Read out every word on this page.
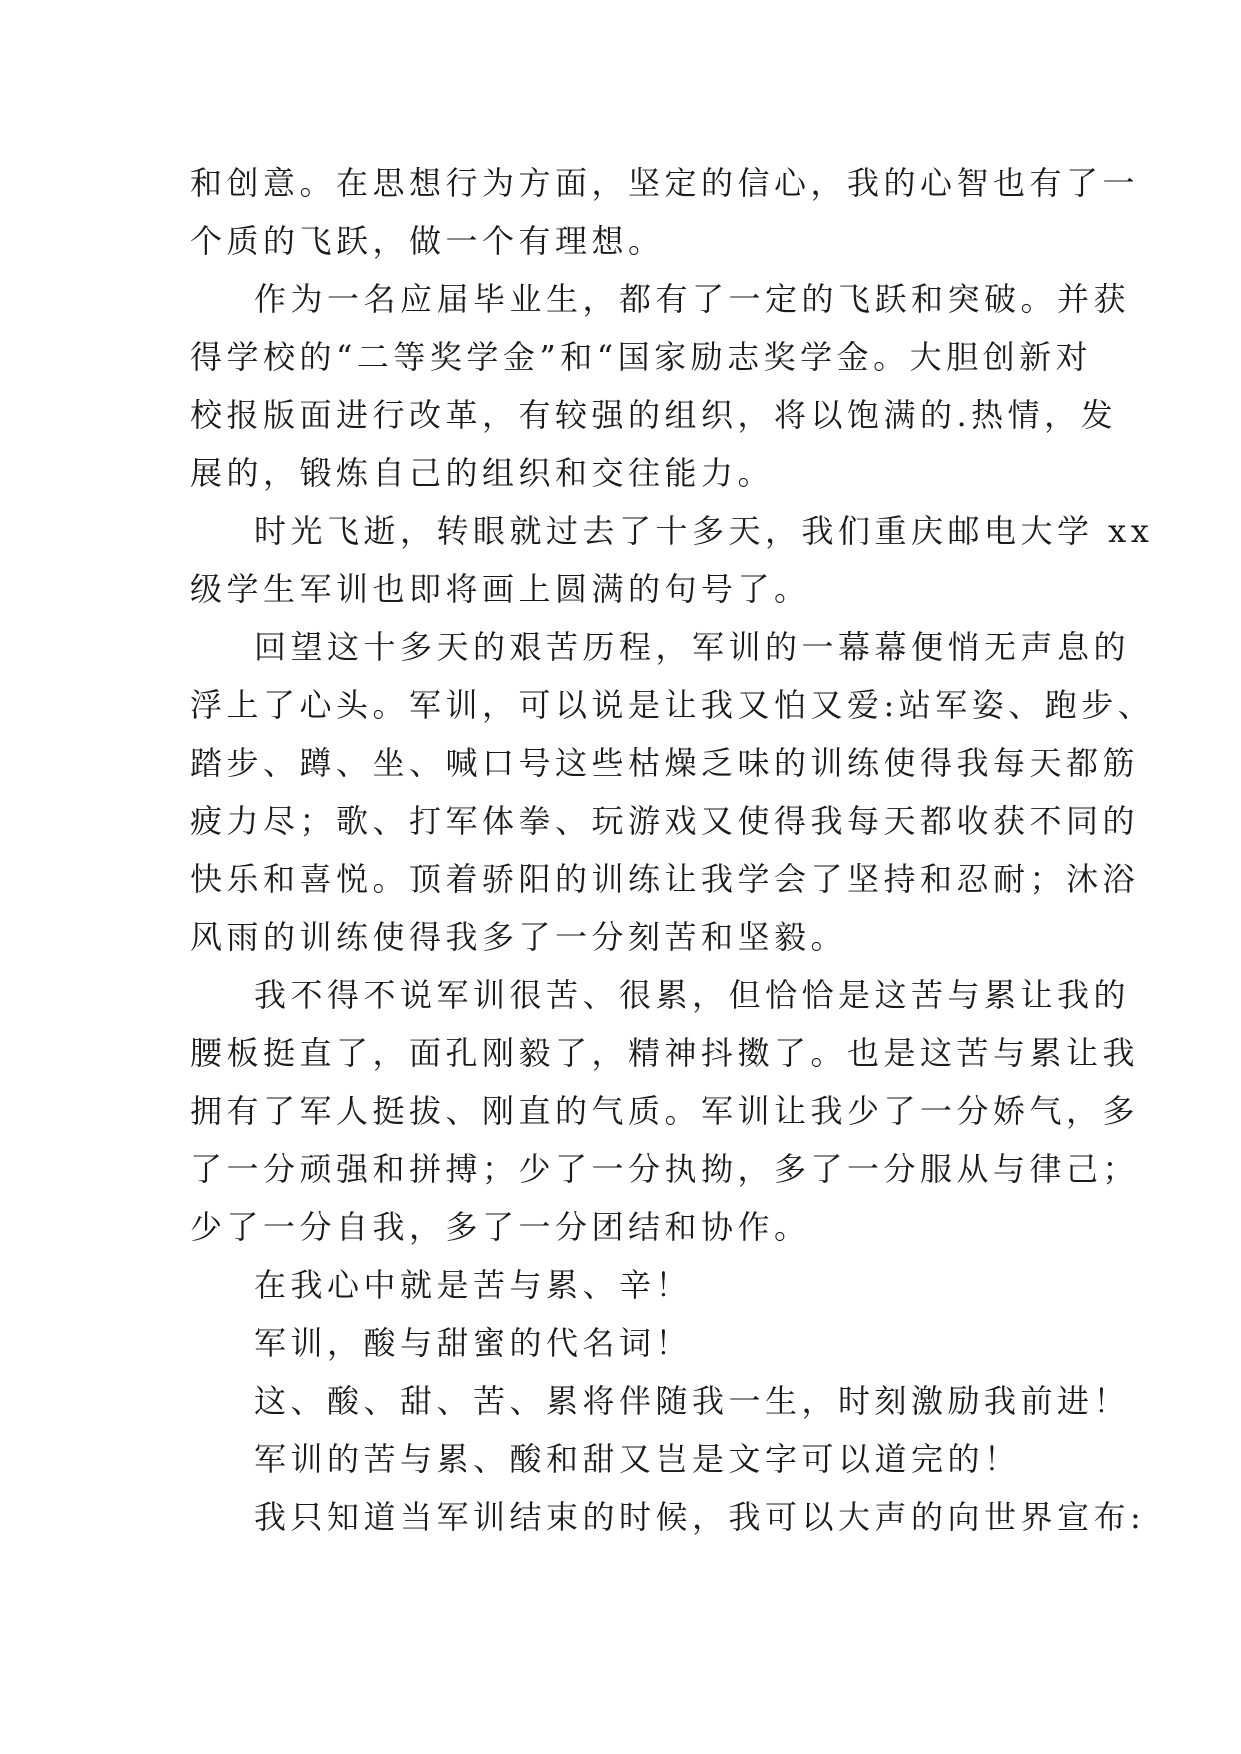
和创意。在思想行为方面，坚定的信心，我的心智也有了一
个质的飞跃，做一个有理想。
作为一名应届毕业生，都有了一定的飞跃和突破。并获
得学校的“二等奖学金”和“国家励志奖学金。大胆创新对
校报版面进行改革，有较强的组织，将以饱满的.热情，发
展的，锻炼自己的组织和交往能力。
时光飞逝，转眼就过去了十多天，我们重庆邮电大学 xx
级学生军训也即将画上圆满的句号了。
回望这十多天的艰苦历程，军训的一幕幕便悄无声息的
浮上了心头。军训，可以说是让我又怕又爱:站军姿、跑步、
踏步、蹲、坐、喊口号这些枯燥乏味的训练使得我每天都筋
疲力尽；歌、打军体拳、玩游戏又使得我每天都收获不同的
快乐和喜悦。顶着骄阳的训练让我学会了坚持和忍耐；沐浴
风雨的训练使得我多了一分刻苦和坚毅。
我不得不说军训很苦、很累，但恰恰是这苦与累让我的
腰板挺直了，面孔刚毅了，精神抖擞了。也是这苦与累让我
拥有了军人挺拔、刚直的气质。军训让我少了一分娇气，多
了一分顽强和拼搏；少了一分执拗，多了一分服从与律己；
少了一分自我，多了一分团结和协作。
在我心中就是苦与累、辛！
军训，酸与甜蜜的代名词！
这、酸、甜、苦、累将伴随我一生，时刻激励我前进！
军训的苦与累、酸和甜又岂是文字可以道完的！
我只知道当军训结束的时候，我可以大声的向世界宣布:
